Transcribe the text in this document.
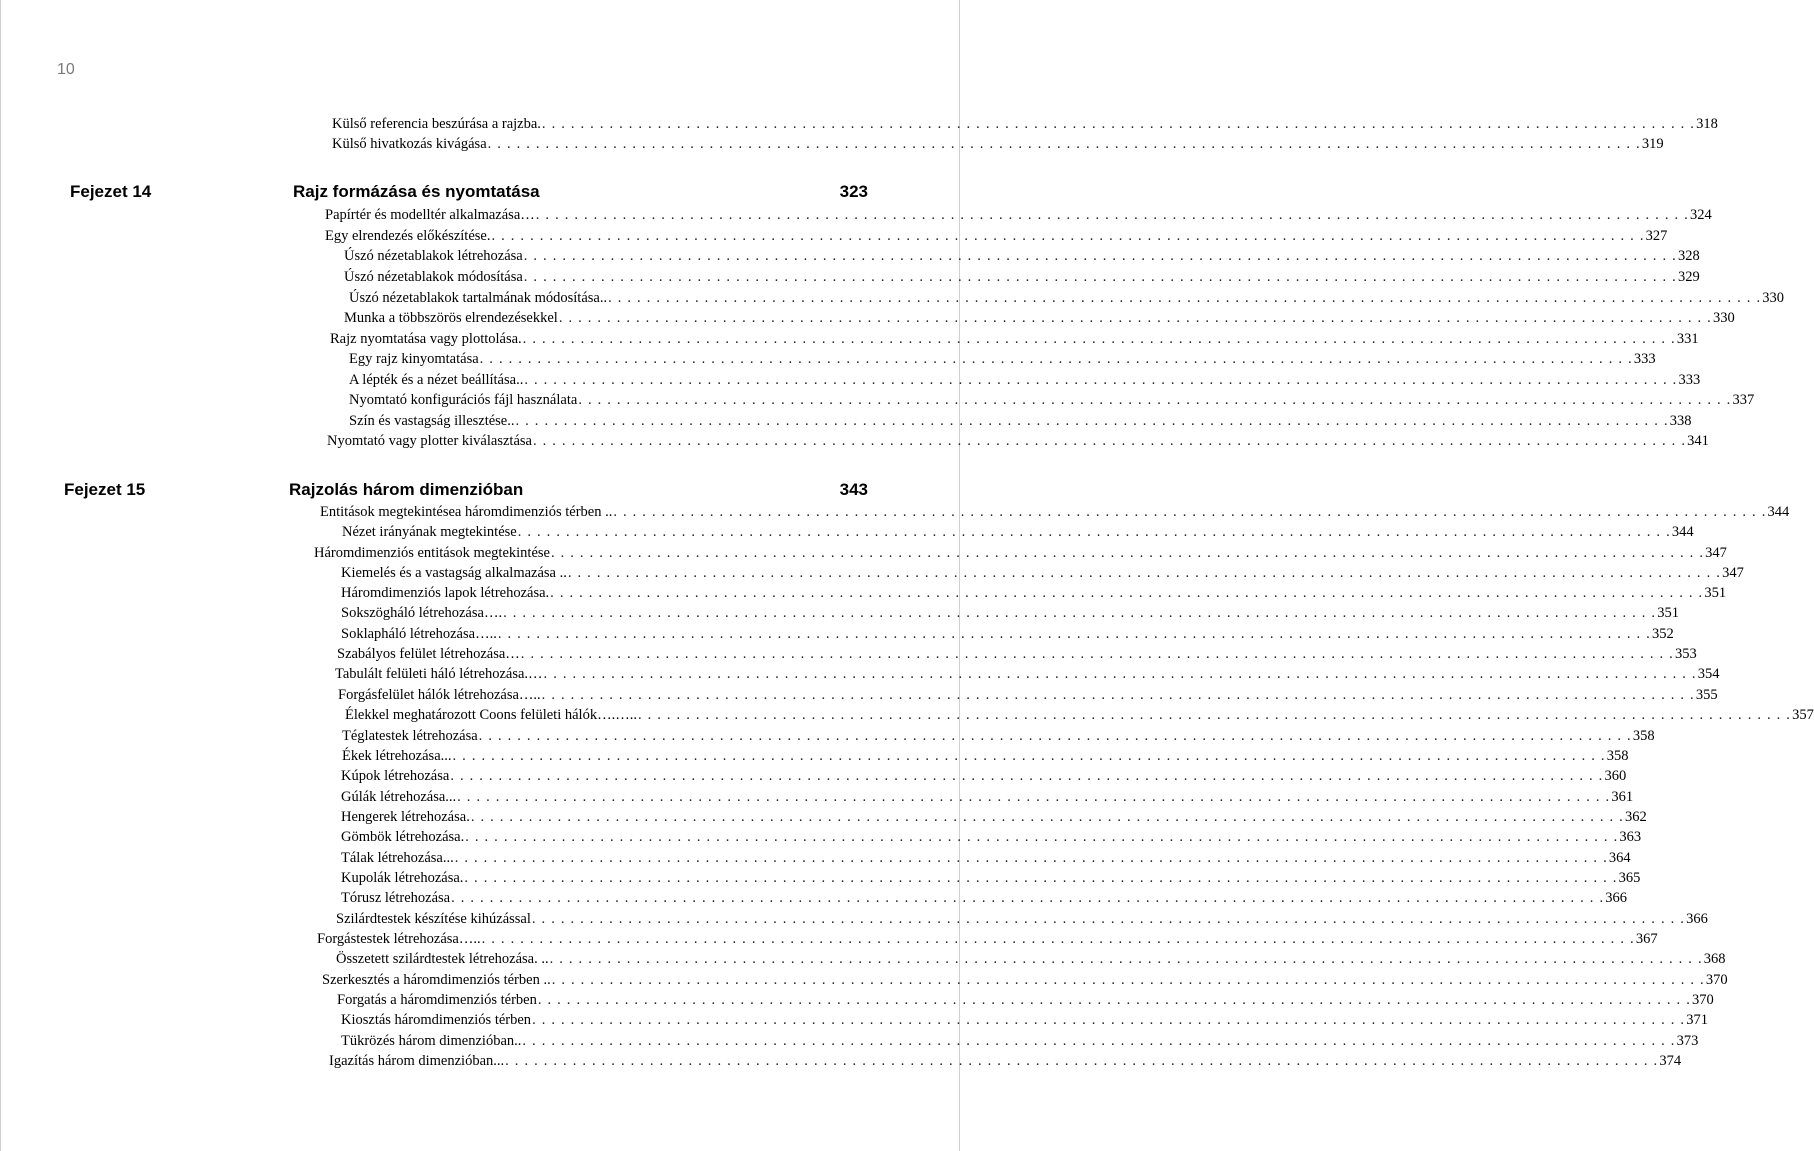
10
Külső referencia beszúrása a rajzba. . . . . . . . . . . . . . . . . . . . . . . . . . . . . . . . . . . . . . . . . . . . . . . . . . . . . . . . . . . . . . . . . . . . . . . . . . . . . . . . . . . . . . . . . . . . . . . . . . . . . . . . . . . . . . . . . . . . . . . . . 318
Külső hivatkozás kivágása . . . . . . . . . . . . . . . . . . . . . . . . . . . . . . . . . . . . . . . . . . . . . . . . . . . . . . . . . . . . . . . . . . . . . . . . . . . . . . . . . . . . . . . . . . . . . . . . . . . . . . . . . . . . . . . . . . . . . . . . 319
Fejezet 14	Rajz formázása és nyomtatása	323
Papírtér és modelltér alkalmazása… . . . . . . . . . . . . . . . . . . . . . . . . . . . . . . . . . . . . . . . . . . . . . . . . . . . . . . . . . . . . . . . . . . . . . . . . . . . . . . . . . . . . . . . . . . . . . . . . . . . . . . . . . . . . . . . . . . . . . . . . 324
Egy elrendezés előkészítése. . . . . . . . . . . . . . . . . . . . . . . . . . . . . . . . . . . . . . . . . . . . . . . . . . . . . . . . . . . . . . . . . . . . . . . . . . . . . . . . . . . . . . . . . . . . . . . . . . . . . . . . . . . . . . . . . . . . . . . . . 327
Úszó nézetablakok létrehozása . . . . . . . . . . . . . . . . . . . . . . . . . . . . . . . . . . . . . . . . . . . . . . . . . . . . . . . . . . . . . . . . . . . . . . . . . . . . . . . . . . . . . . . . . . . . . . . . . . . . . . . . . . . . . . . . . . . . . . . . 328
Úszó nézetablakok módosítása . . . . . . . . . . . . . . . . . . . . . . . . . . . . . . . . . . . . . . . . . . . . . . . . . . . . . . . . . . . . . . . . . . . . . . . . . . . . . . . . . . . . . . . . . . . . . . . . . . . . . . . . . . . . . . . . . . . . . . . . 329
Úszó nézetablakok tartalmának módosítása.. . . . . . . . . . . . . . . . . . . . . . . . . . . . . . . . . . . . . . . . . . . . . . . . . . . . . . . . . . . . . . . . . . . . . . . . . . . . . . . . . . . . . . . . . . . . . . . . . . . . . . . . . . . . . . . . . . . . . . . . . 330
Munka a többszörös elrendezésekkel . . . . . . . . . . . . . . . . . . . . . . . . . . . . . . . . . . . . . . . . . . . . . . . . . . . . . . . . . . . . . . . . . . . . . . . . . . . . . . . . . . . . . . . . . . . . . . . . . . . . . . . . . . . . . . . . . . . . . . . . 330
Rajz nyomtatása vagy plottolása. . . . . . . . . . . . . . . . . . . . . . . . . . . . . . . . . . . . . . . . . . . . . . . . . . . . . . . . . . . . . . . . . . . . . . . . . . . . . . . . . . . . . . . . . . . . . . . . . . . . . . . . . . . . . . . . . . . . . . . . . 331
Egy rajz kinyomtatása . . . . . . . . . . . . . . . . . . . . . . . . . . . . . . . . . . . . . . . . . . . . . . . . . . . . . . . . . . . . . . . . . . . . . . . . . . . . . . . . . . . . . . . . . . . . . . . . . . . . . . . . . . . . . . . . . . . . . . . . 333
A lépték és a nézet beállítása.. . . . . . . . . . . . . . . . . . . . . . . . . . . . . . . . . . . . . . . . . . . . . . . . . . . . . . . . . . . . . . . . . . . . . . . . . . . . . . . . . . . . . . . . . . . . . . . . . . . . . . . . . . . . . . . . . . . . . . . . . 333
Nyomtató konfigurációs fájl használata . . . . . . . . . . . . . . . . . . . . . . . . . . . . . . . . . . . . . . . . . . . . . . . . . . . . . . . . . . . . . . . . . . . . . . . . . . . . . . . . . . . . . . . . . . . . . . . . . . . . . . . . . . . . . . . . . . . . . . . . 337
Szín és vastagság illesztése.. . . . . . . . . . . . . . . . . . . . . . . . . . . . . . . . . . . . . . . . . . . . . . . . . . . . . . . . . . . . . . . . . . . . . . . . . . . . . . . . . . . . . . . . . . . . . . . . . . . . . . . . . . . . . . . . . . . . . . . . . 338
Nyomtató vagy plotter kiválasztása . . . . . . . . . . . . . . . . . . . . . . . . . . . . . . . . . . . . . . . . . . . . . . . . . . . . . . . . . . . . . . . . . . . . . . . . . . . . . . . . . . . . . . . . . . . . . . . . . . . . . . . . . . . . . . . . . . . . . . . . 341
Fejezet 15	Rajzolás három dimenzióban	343
Entitások megtekintésea háromdimenziós térben .. . . . . . . . . . . . . . . . . . . . . . . . . . . . . . . . . . . . . . . . . . . . . . . . . . . . . . . . . . . . . . . . . . . . . . . . . . . . . . . . . . . . . . . . . . . . . . . . . . . . . . . . . . . . . . . . . . . . . . . . . 344
Nézet irányának megtekintése . . . . . . . . . . . . . . . . . . . . . . . . . . . . . . . . . . . . . . . . . . . . . . . . . . . . . . . . . . . . . . . . . . . . . . . . . . . . . . . . . . . . . . . . . . . . . . . . . . . . . . . . . . . . . . . . . . . . . . . . 344
Háromdimenziós entitások megtekintése . . . . . . . . . . . . . . . . . . . . . . . . . . . . . . . . . . . . . . . . . . . . . . . . . . . . . . . . . . . . . . . . . . . . . . . . . . . . . . . . . . . . . . . . . . . . . . . . . . . . . . . . . . . . . . . . . . . . . . . . 347
Kiemelés és a vastagság alkalmazása .. . . . . . . . . . . . . . . . . . . . . . . . . . . . . . . . . . . . . . . . . . . . . . . . . . . . . . . . . . . . . . . . . . . . . . . . . . . . . . . . . . . . . . . . . . . . . . . . . . . . . . . . . . . . . . . . . . . . . . . . . 347
Háromdimenziós lapok létrehozása. . . . . . . . . . . . . . . . . . . . . . . . . . . . . . . . . . . . . . . . . . . . . . . . . . . . . . . . . . . . . . . . . . . . . . . . . . . . . . . . . . . . . . . . . . . . . . . . . . . . . . . . . . . . . . . . . . . . . . . . . 351
Sokszögháló létrehozása…. . . . . . . . . . . . . . . . . . . . . . . . . . . . . . . . . . . . . . . . . . . . . . . . . . . . . . . . . . . . . . . . . . . . . . . . . . . . . . . . . . . . . . . . . . . . . . . . . . . . . . . . . . . . . . . . . . . . . . . . . 351
Soklapháló létrehozása….. . . . . . . . . . . . . . . . . . . . . . . . . . . . . . . . . . . . . . . . . . . . . . . . . . . . . . . . . . . . . . . . . . . . . . . . . . . . . . . . . . . . . . . . . . . . . . . . . . . . . . . . . . . . . . . . . . . . . . . . . 352
Szabályos felület létrehozása… . . . . . . . . . . . . . . . . . . . . . . . . . . . . . . . . . . . . . . . . . . . . . . . . . . . . . . . . . . . . . . . . . . . . . . . . . . . . . . . . . . . . . . . . . . . . . . . . . . . . . . . . . . . . . . . . . . . . . . . . 353
Tabulált felületi háló létrehozása.… . . . . . . . . . . . . . . . . . . . . . . . . . . . . . . . . . . . . . . . . . . . . . . . . . . . . . . . . . . . . . . . . . . . . . . . . . . . . . . . . . . . . . . . . . . . . . . . . . . . . . . . . . . . . . . . . . . . . . . . . 354
Forgásfelület hálók létrehozása….. . . . . . . . . . . . . . . . . . . . . . . . . . . . . . . . . . . . . . . . . . . . . . . . . . . . . . . . . . . . . . . . . . . . . . . . . . . . . . . . . . . . . . . . . . . . . . . . . . . . . . . . . . . . . . . . . . . . . . . . . 355
Élekkel meghatározott Coons felületi hálók….….. . . . . . . . . . . . . . . . . . . . . . . . . . . . . . . . . . . . . . . . . . . . . . . . . . . . . . . . . . . . . . . . . . . . . . . . . . . . . . . . . . . . . . . . . . . . . . . . . . . . . . . . . . . . . . . . . . . . . . . . . 357
Téglatestek létrehozása . . . . . . . . . . . . . . . . . . . . . . . . . . . . . . . . . . . . . . . . . . . . . . . . . . . . . . . . . . . . . . . . . . . . . . . . . . . . . . . . . . . . . . . . . . . . . . . . . . . . . . . . . . . . . . . . . . . . . . . . 358
Ékek létrehozása... . . . . . . . . . . . . . . . . . . . . . . . . . . . . . . . . . . . . . . . . . . . . . . . . . . . . . . . . . . . . . . . . . . . . . . . . . . . . . . . . . . . . . . . . . . . . . . . . . . . . . . . . . . . . . . . . . . . . . . . . 358
Kúpok létrehozása . . . . . . . . . . . . . . . . . . . . . . . . . . . . . . . . . . . . . . . . . . . . . . . . . . . . . . . . . . . . . . . . . . . . . . . . . . . . . . . . . . . . . . . . . . . . . . . . . . . . . . . . . . . . . . . . . . . . . . . . 360
Gúlák létrehozása... . . . . . . . . . . . . . . . . . . . . . . . . . . . . . . . . . . . . . . . . . . . . . . . . . . . . . . . . . . . . . . . . . . . . . . . . . . . . . . . . . . . . . . . . . . . . . . . . . . . . . . . . . . . . . . . . . . . . . . . . 361
Hengerek létrehozása. . . . . . . . . . . . . . . . . . . . . . . . . . . . . . . . . . . . . . . . . . . . . . . . . . . . . . . . . . . . . . . . . . . . . . . . . . . . . . . . . . . . . . . . . . . . . . . . . . . . . . . . . . . . . . . . . . . . . . . . . 362
Gömbök létrehozása. . . . . . . . . . . . . . . . . . . . . . . . . . . . . . . . . . . . . . . . . . . . . . . . . . . . . . . . . . . . . . . . . . . . . . . . . . . . . . . . . . . . . . . . . . . . . . . . . . . . . . . . . . . . . . . . . . . . . . . . . 363
Tálak létrehozása... . . . . . . . . . . . . . . . . . . . . . . . . . . . . . . . . . . . . . . . . . . . . . . . . . . . . . . . . . . . . . . . . . . . . . . . . . . . . . . . . . . . . . . . . . . . . . . . . . . . . . . . . . . . . . . . . . . . . . . . . 364
Kupolák létrehozása. . . . . . . . . . . . . . . . . . . . . . . . . . . . . . . . . . . . . . . . . . . . . . . . . . . . . . . . . . . . . . . . . . . . . . . . . . . . . . . . . . . . . . . . . . . . . . . . . . . . . . . . . . . . . . . . . . . . . . . . . 365
Tórusz létrehozása . . . . . . . . . . . . . . . . . . . . . . . . . . . . . . . . . . . . . . . . . . . . . . . . . . . . . . . . . . . . . . . . . . . . . . . . . . . . . . . . . . . . . . . . . . . . . . . . . . . . . . . . . . . . . . . . . . . . . . . . 366
Szilárdtestek készítése kihúzással . . . . . . . . . . . . . . . . . . . . . . . . . . . . . . . . . . . . . . . . . . . . . . . . . . . . . . . . . . . . . . . . . . . . . . . . . . . . . . . . . . . . . . . . . . . . . . . . . . . . . . . . . . . . . . . . . . . . . . . . 366
Forgástestek létrehozása….. . . . . . . . . . . . . . . . . . . . . . . . . . . . . . . . . . . . . . . . . . . . . . . . . . . . . . . . . . . . . . . . . . . . . . . . . . . . . . . . . . . . . . . . . . . . . . . . . . . . . . . . . . . . . . . . . . . . . . . . . 367
Összetett szilárdtestek létrehozása. .. . . . . . . . . . . . . . . . . . . . . . . . . . . . . . . . . . . . . . . . . . . . . . . . . . . . . . . . . . . . . . . . . . . . . . . . . . . . . . . . . . . . . . . . . . . . . . . . . . . . . . . . . . . . . . . . . . . . . . . . . 368
Szerkesztés a háromdimenziós térben .. . . . . . . . . . . . . . . . . . . . . . . . . . . . . . . . . . . . . . . . . . . . . . . . . . . . . . . . . . . . . . . . . . . . . . . . . . . . . . . . . . . . . . . . . . . . . . . . . . . . . . . . . . . . . . . . . . . . . . . . . 370
Forgatás a háromdimenziós térben . . . . . . . . . . . . . . . . . . . . . . . . . . . . . . . . . . . . . . . . . . . . . . . . . . . . . . . . . . . . . . . . . . . . . . . . . . . . . . . . . . . . . . . . . . . . . . . . . . . . . . . . . . . . . . . . . . . . . . . . 370
Kiosztás háromdimenziós térben . . . . . . . . . . . . . . . . . . . . . . . . . . . . . . . . . . . . . . . . . . . . . . . . . . . . . . . . . . . . . . . . . . . . . . . . . . . . . . . . . . . . . . . . . . . . . . . . . . . . . . . . . . . . . . . . . . . . . . . . 371
Tükrözés három dimenzióban.. . . . . . . . . . . . . . . . . . . . . . . . . . . . . . . . . . . . . . . . . . . . . . . . . . . . . . . . . . . . . . . . . . . . . . . . . . . . . . . . . . . . . . . . . . . . . . . . . . . . . . . . . . . . . . . . . . . . . . . . . 373
Igazítás három dimenzióban... . . . . . . . . . . . . . . . . . . . . . . . . . . . . . . . . . . . . . . . . . . . . . . . . . . . . . . . . . . . . . . . . . . . . . . . . . . . . . . . . . . . . . . . . . . . . . . . . . . . . . . . . . . . . . . . . . . . . . . . . 374
